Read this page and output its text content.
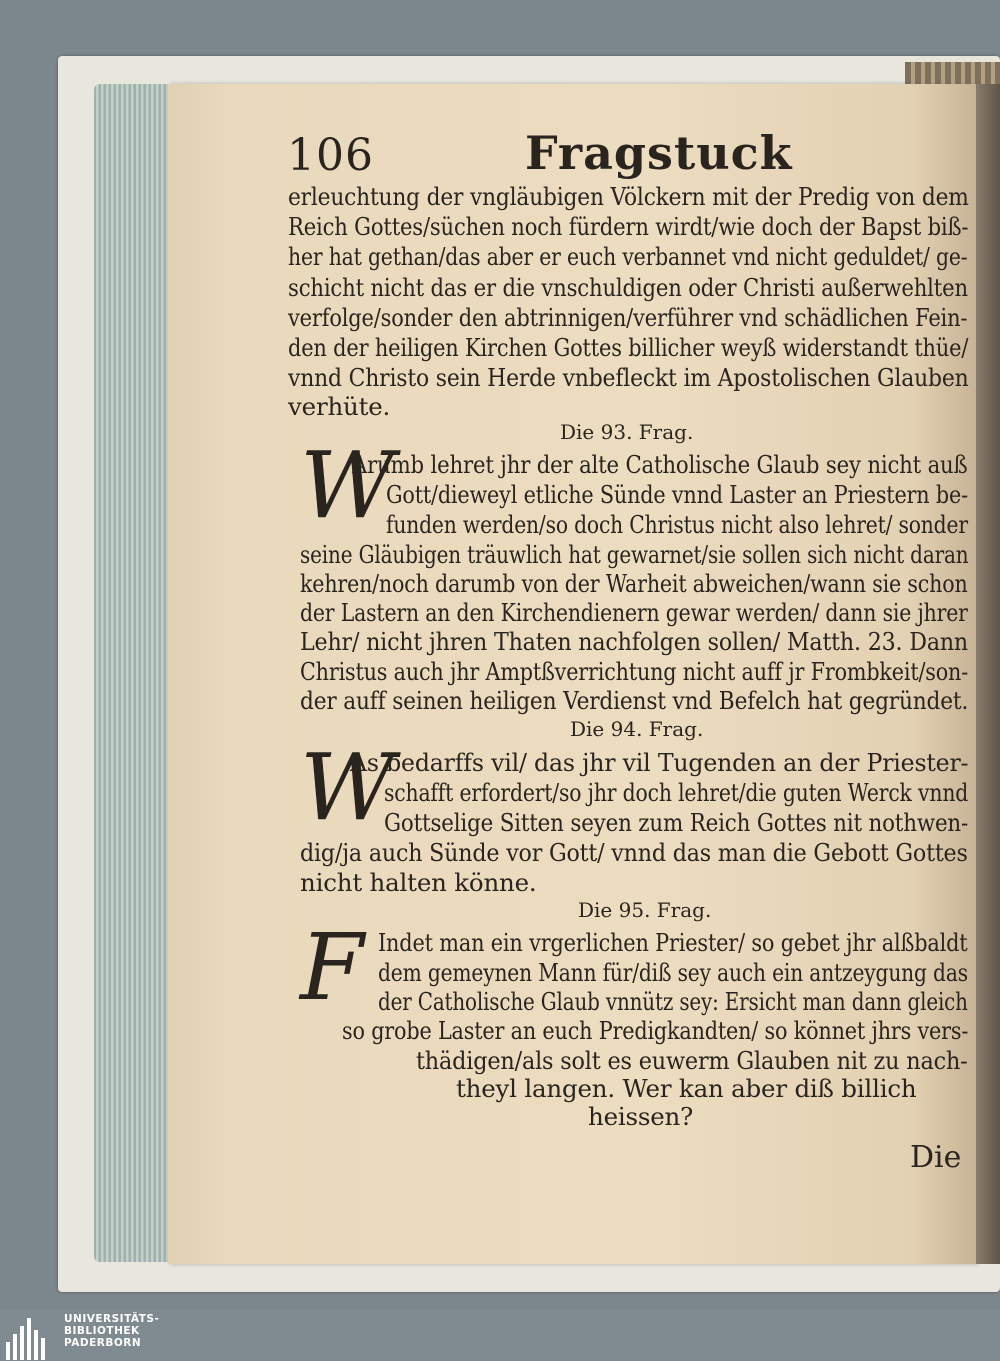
106	Fragstuck
erleuchtung der vngläubigen Völckern mit der Predig von dem
Reich Gottes/süchen noch fürdern wirdt/wie doch der Bapst biß-
her hat gethan/das aber er euch verbannet vnd nicht geduldet/ ge-
schicht nicht das er die vnschuldigen oder Christi außerwehlten
verfolge/sonder den abtrinnigen/verführer vnd schädlichen Fein-
den der heiligen Kirchen Gottes billicher weyß widerstandt thüe/
vnnd Christo sein Herde vnbefleckt im Apostolischen Glauben
verhüte.
Die 93. Frag.
W
Arumb lehret jhr der alte Catholische Glaub sey nicht auß
Gott/dieweyl etliche Sünde vnnd Laster an Priestern be-
funden werden/so doch Christus nicht also lehret/ sonder
seine Gläubigen träuwlich hat gewarnet/sie sollen sich nicht daran
kehren/noch darumb von der Warheit abweichen/wann sie schon
der Lastern an den Kirchendienern gewar werden/ dann sie jhrer
Lehr/ nicht jhren Thaten nachfolgen sollen/ Matth. 23. Dann
Christus auch jhr Amptßverrichtung nicht auff jr Frombkeit/son-
der auff seinen heiligen Verdienst vnd Befelch hat gegründet.
Die 94. Frag.
W
As bedarffs vil/ das jhr vil Tugenden an der Priester-
schafft erfordert/so jhr doch lehret/die guten Werck vnnd
Gottselige Sitten seyen zum Reich Gottes nit nothwen-
dig/ja auch Sünde vor Gott/ vnnd das man die Gebott Gottes
nicht halten könne.
Die 95. Frag.
F Indet man ein vrgerlichen Priester/ so gebet jhr alßbaldt
dem gemeynen Mann für/diß sey auch ein antzeygung das
der Catholische Glaub vnnütz sey: Ersicht man dann gleich
so grobe Laster an euch Predigkandten/ so könnet jhrs vers-
thädigen/als solt es euwerm Glauben nit zu nach-
theyl langen. Wer kan aber diß billich
heissen?
Die
UNIVERSITÄTS-
BIBLIOTHEK
PADERBORN
